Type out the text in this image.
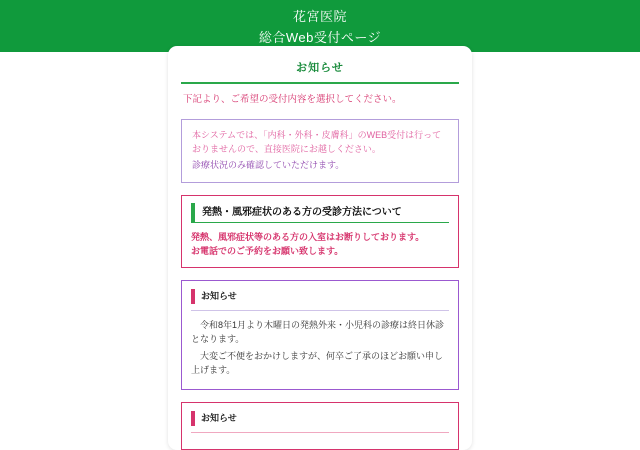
花宮医院
総合Web受付ページ
お知らせ
下記より、ご希望の受付内容を選択してください。

本システムでは、「内科・外科・皮膚科」のWEB受付は行っておりませんので、直接医院にお越しください。

診療状況のみ確認していただけます。

発熱・風邪症状のある方の受診方法について

発熱、風邪症状等のある方の入室はお断りしております。

お電話でのご予約をお願い致します。

お知らせ

令和8年1月より木曜日の発熱外来・小児科の診療は終日休診となります。

大変ご不便をおかけしますが、何卒ご了承のほどお願い申し上げます。

お知らせ
